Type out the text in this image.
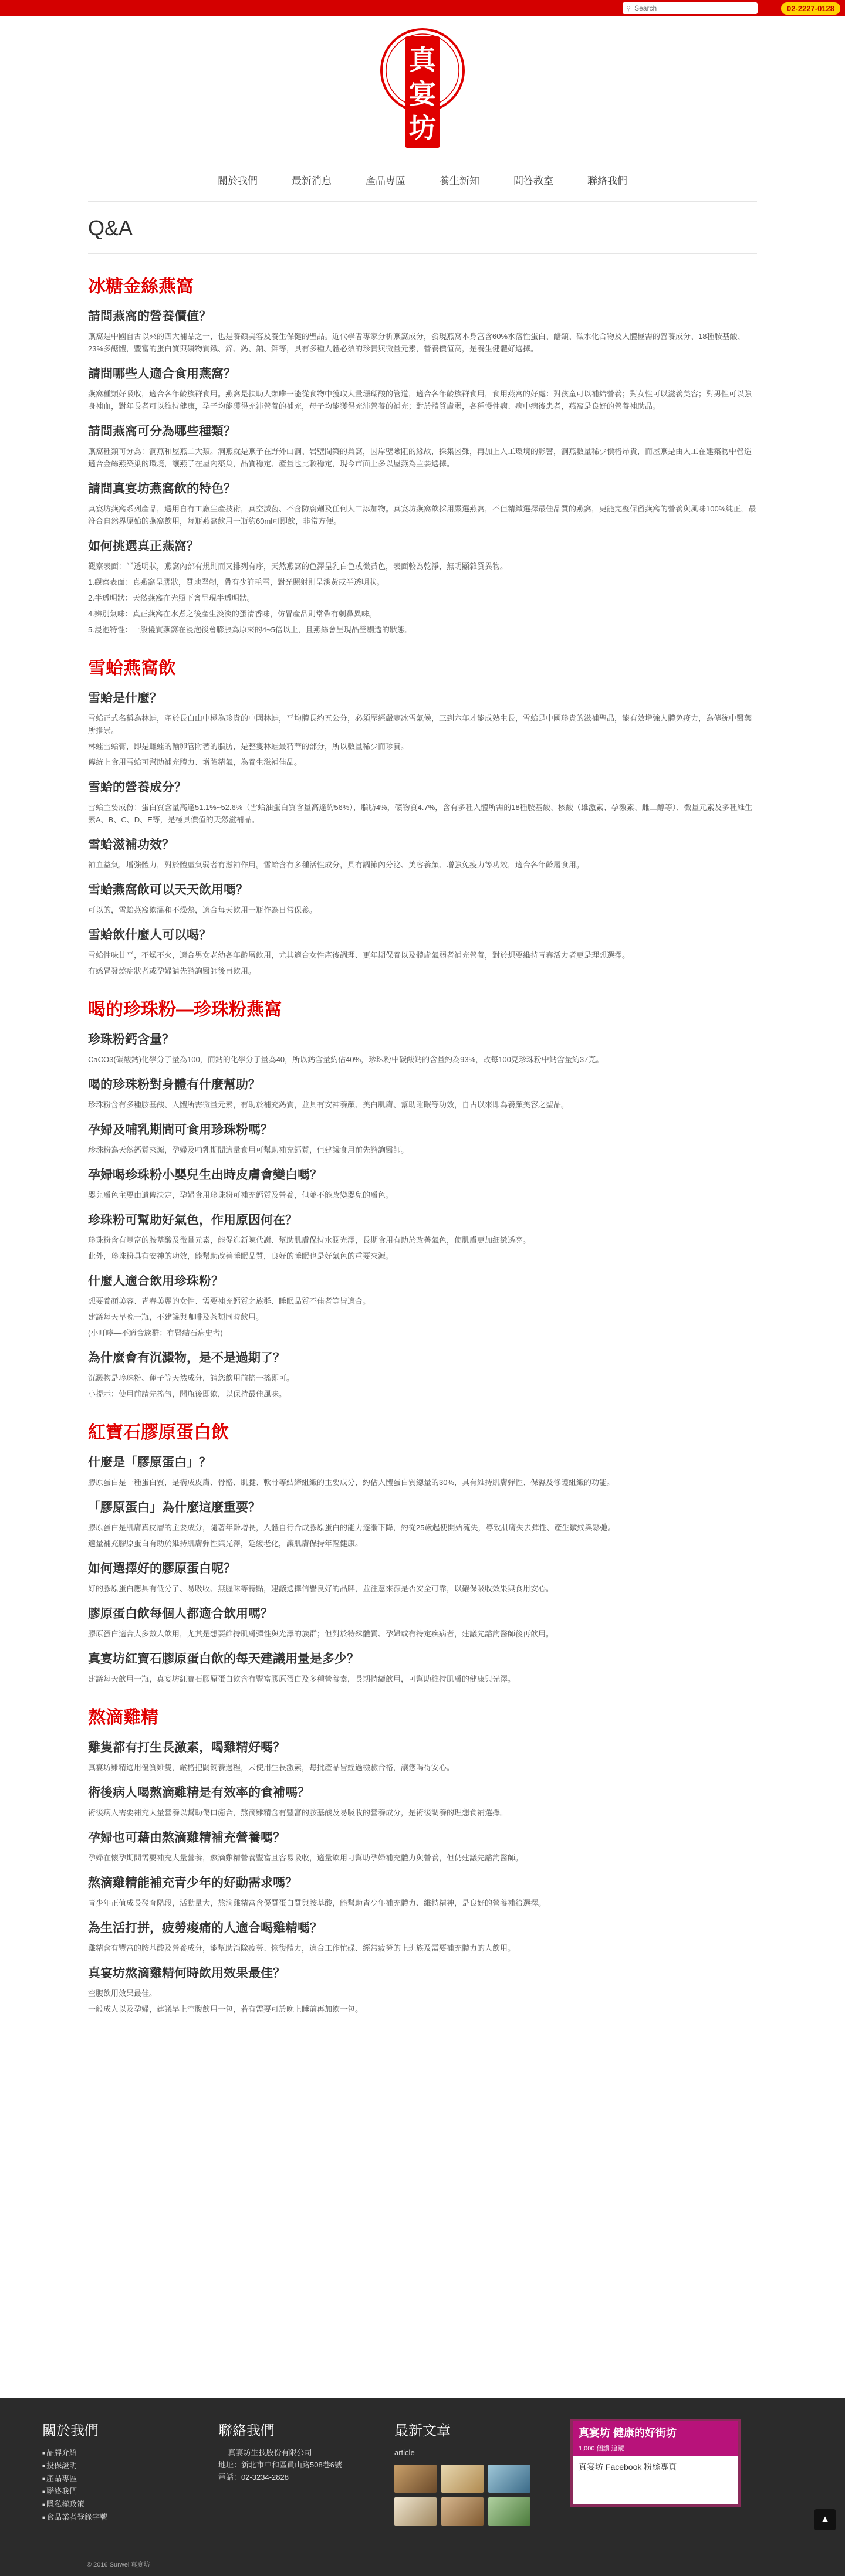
⚲
Search	02-2227-0128
真
宴
坊
關於我們	最新消息	產品專區	養生新知	問答教室	聯絡我們
Q&A
冰糖金絲燕窩
請問燕窩的營養價值？

燕窩是中國自古以來的四大補品之一，也是養顏美容及養生保健的聖品。近代學者專家分析燕窩成分，發現燕窩本身富含60%水溶性蛋白、醣類、碳水化合物及人體極需的營養成分、18種胺基酸、23%多醣體，豐富的蛋白質與磷物質鐵、鋅、鈣、鈉、鉀等，具有多種人體必須的珍貴與微量元素，營養價值高，是養生健體好選擇。

請問哪些人適合食用燕窩？

燕窩種類好吸收，適合各年齡族群食用。燕窩是扶助人類唯一能從食物中獲取大量珊瑚酸的管道，適合各年齡族群食用，食用燕窩的好處：對孩童可以補給營養；對女性可以滋養美容；對男性可以強身補血，對年長者可以維持健康，孕子均能獲得充沛營養的補充，母子均能獲得充沛營養的補充；對於體質虛弱，各種慢性病、病中病後患者，燕窩是良好的營養補助品。

請問燕窩可分為哪些種類？

燕窩種類可分為：洞燕和屋燕二大類。洞燕就是燕子在野外山洞、岩壁間築的巢窩，因岸壁險阻的緣故，採集困難，再加上人工環境的影響，洞燕數量稀少價格昂貴，而屋燕是由人工在建築物中營造適合金絲燕築巢的環境，讓燕子在屋內築巢，品質穩定、產量也比較穩定，現今市面上多以屋燕為主要選擇。

請問真宴坊燕窩飲的特色？

真宴坊燕窩系列產品，選用自有工廠生產技術，真空滅菌、不含防腐劑及任何人工添加物。真宴坊燕窩飲採用嚴選燕窩，不但精緻選擇最佳品質的燕窩，更能完整保留燕窩的營養與風味100%純正，最符合自然界原始的燕窩飲用，每瓶燕窩飲用一瓶約60ml可即飲，非常方便。

如何挑選真正燕窩？

觀察表面：半透明狀，燕窩內部有規則而又排列有序，天然燕窩的色澤呈乳白色或微黃色，表面較為乾淨，無明顯雜質異物。

1.觀察表面：真燕窩呈膠狀，質地堅韌，帶有少許毛雪，對光照射則呈淡黃或半透明狀。

2.半透明狀：天然燕窩在光照下會呈現半透明狀。

4.辨別氣味：真正燕窩在水煮之後產生淡淡的蛋清香味，仿冒產品則常帶有刺鼻異味。

5.浸泡特性：一般優質燕窩在浸泡後會膨脹為原來的4~5倍以上，且燕絲會呈現晶瑩剔透的狀態。

雪蛤燕窩飲
雪蛤是什麼？

雪蛤正式名稱為林蛙，產於長白山中極為珍貴的中國林蛙，平均體長約五公分，必須歷經嚴寒冰雪氣候，三到六年才能成熟生長，雪蛤是中國珍貴的滋補聖品，能有效增強人體免疫力，為傳統中醫藥所推崇。

林蛙雪蛤膏，即是雌蛙的輸卵管附著的脂肪，是整隻林蛙最精華的部分，所以數量稀少而珍貴。

傳統上食用雪蛤可幫助補充體力、增強精氣，為養生滋補佳品。

雪蛤的營養成分？

雪蛤主要成份：蛋白質含量高達51.1%~52.6%（雪蛤油蛋白質含量高達約56%），脂肪4%，礦物質4.7%，含有多種人體所需的18種胺基酸、核酸（雄激素、孕激素、雌二醇等）、微量元素及多種維生素A、B、C、D、E等，是極具價值的天然滋補品。

雪蛤滋補功效？

補血益氣，增強體力，對於體虛氣弱者有滋補作用。雪蛤含有多種活性成分，具有調節內分泌、美容養顏、增強免疫力等功效，適合各年齡層食用。

雪蛤燕窩飲可以天天飲用嗎？

可以的，雪蛤燕窩飲溫和不燥熱，適合每天飲用一瓶作為日常保養。

雪蛤飲什麼人可以喝？

雪蛤性味甘平，不燥不火，適合男女老幼各年齡層飲用，尤其適合女性產後調理、更年期保養以及體虛氣弱者補充營養，對於想要維持青春活力者更是理想選擇。

有感冒發燒症狀者或孕婦請先諮詢醫師後再飲用。

喝的珍珠粉—珍珠粉燕窩
珍珠粉鈣含量？

CaCO3(碳酸鈣)化學分子量為100，而鈣的化學分子量為40，所以鈣含量約佔40%，珍珠粉中碳酸鈣的含量約為93%，故每100克珍珠粉中鈣含量約37克。

喝的珍珠粉對身體有什麼幫助？

珍珠粉含有多種胺基酸、人體所需微量元素，有助於補充鈣質，並具有安神養顏、美白肌膚、幫助睡眠等功效，自古以來即為養顏美容之聖品。

孕婦及哺乳期間可食用珍珠粉嗎？

珍珠粉為天然鈣質來源，孕婦及哺乳期間適量食用可幫助補充鈣質，但建議食用前先諮詢醫師。

孕婦喝珍珠粉小嬰兒生出時皮膚會變白嗎？

嬰兒膚色主要由遺傳決定，孕婦食用珍珠粉可補充鈣質及營養，但並不能改變嬰兒的膚色。

珍珠粉可幫助好氣色，作用原因何在？

珍珠粉含有豐富的胺基酸及微量元素，能促進新陳代謝、幫助肌膚保持水潤光澤，長期食用有助於改善氣色，使肌膚更加細緻透亮。

此外，珍珠粉具有安神的功效，能幫助改善睡眠品質，良好的睡眠也是好氣色的重要來源。

什麼人適合飲用珍珠粉？

想要養顏美容、青春美麗的女性、需要補充鈣質之族群、睡眠品質不佳者等皆適合。

建議每天早晚一瓶，不建議與咖啡及茶類同時飲用。

(小叮嚀—不適合族群：有腎結石病史者)

為什麼會有沉澱物，是不是過期了？

沉澱物是珍珠粉、蓮子等天然成分，請您飲用前搖一搖即可。

小提示：使用前請先搖勻，開瓶後即飲，以保持最佳風味。

紅寶石膠原蛋白飲
什麼是「膠原蛋白」？

膠原蛋白是一種蛋白質，是構成皮膚、骨骼、肌腱、軟骨等結締組織的主要成分，約佔人體蛋白質總量的30%，具有維持肌膚彈性、保濕及修護組織的功能。

「膠原蛋白」為什麼這麼重要？

膠原蛋白是肌膚真皮層的主要成分，隨著年齡增長，人體自行合成膠原蛋白的能力逐漸下降，約從25歲起便開始流失，導致肌膚失去彈性、產生皺紋與鬆弛。

適量補充膠原蛋白有助於維持肌膚彈性與光澤，延緩老化，讓肌膚保持年輕健康。

如何選擇好的膠原蛋白呢？

好的膠原蛋白應具有低分子、易吸收、無腥味等特點，建議選擇信譽良好的品牌，並注意來源是否安全可靠，以確保吸收效果與食用安心。

膠原蛋白飲每個人都適合飲用嗎？

膠原蛋白適合大多數人飲用，尤其是想要維持肌膚彈性與光澤的族群；但對於特殊體質、孕婦或有特定疾病者，建議先諮詢醫師後再飲用。

真宴坊紅寶石膠原蛋白飲的每天建議用量是多少？

建議每天飲用一瓶，真宴坊紅寶石膠原蛋白飲含有豐富膠原蛋白及多種營養素，長期持續飲用，可幫助維持肌膚的健康與光澤。

熬滴雞精
雞隻都有打生長激素，喝雞精好嗎？

真宴坊雞精選用優質雞隻，嚴格把關飼養過程，未使用生長激素，每批產品皆經過檢驗合格，讓您喝得安心。

術後病人喝熬滴雞精是有效率的食補嗎？

術後病人需要補充大量營養以幫助傷口癒合，熬滴雞精含有豐富的胺基酸及易吸收的營養成分，是術後調養的理想食補選擇。

孕婦也可藉由熬滴雞精補充營養嗎？

孕婦在懷孕期間需要補充大量營養，熬滴雞精營養豐富且容易吸收，適量飲用可幫助孕婦補充體力與營養，但仍建議先諮詢醫師。

熬滴雞精能補充青少年的好動需求嗎？

青少年正值成長發育階段，活動量大，熬滴雞精富含優質蛋白質與胺基酸，能幫助青少年補充體力、維持精神，是良好的營養補給選擇。

為生活打拼，疲勞痠痛的人適合喝雞精嗎？

雞精含有豐富的胺基酸及營養成分，能幫助消除疲勞、恢復體力，適合工作忙碌、經常疲勞的上班族及需要補充體力的人飲用。

真宴坊熬滴雞精何時飲用效果最佳？

空腹飲用效果最佳。

一般成人以及孕婦，建議早上空腹飲用一包，若有需要可於晚上睡前再加飲一包。

關於我們
■ 品牌介紹
■ 投保證明
■ 產品專區
■ 聯絡我們
■ 隱私權政策
■ 食品業者登錄字號
聯絡我們
— 真宴坊生技股份有限公司 —
地址：新北市中和區員山路508巷6號
電話：02-3234-2828
最新文章
article
真宴坊 健康的好街坊
1,000 個讚 追蹤
真宴坊 Facebook 粉絲專頁
▲
© 2016 Surwell真宴坊
